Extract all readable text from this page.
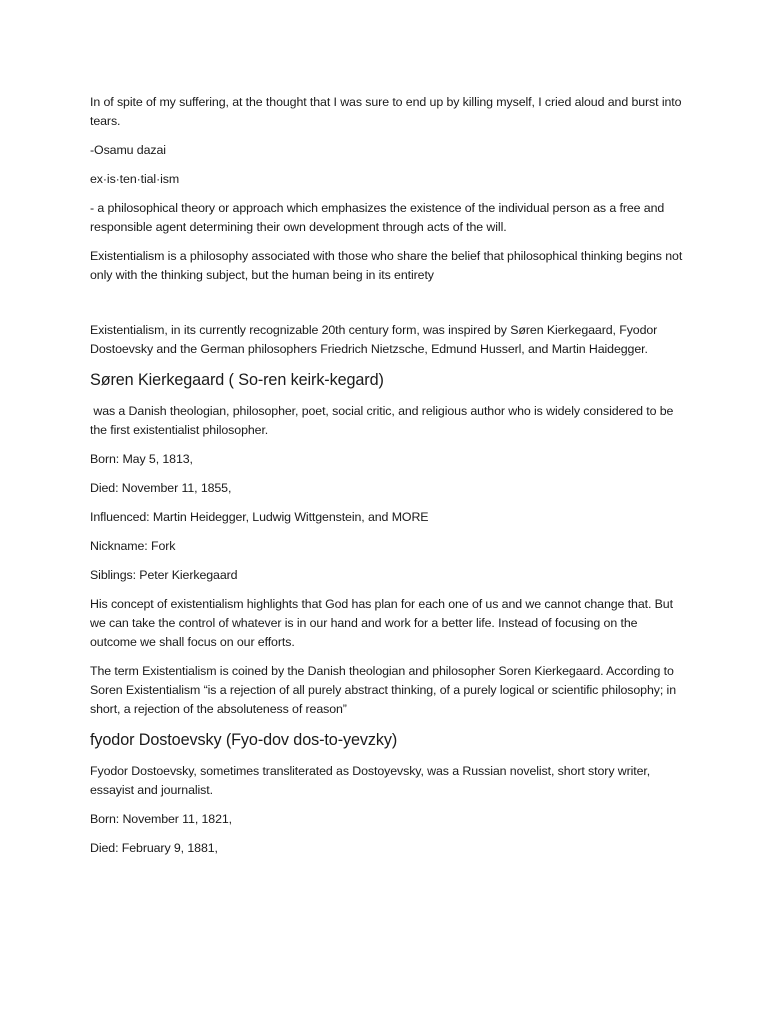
In of spite of my suffering, at the thought that I was sure to end up by killing myself, I cried aloud and burst into tears.

-Osamu dazai

ex·is·ten·tial·ism

- a philosophical theory or approach which emphasizes the existence of the individual person as a free and responsible agent determining their own development through acts of the will.

Existentialism is a philosophy associated with those who share the belief that philosophical thinking begins not only with the thinking subject, but the human being in its entirety

Existentialism, in its currently recognizable 20th century form, was inspired by Søren Kierkegaard, Fyodor Dostoevsky and the German philosophers Friedrich Nietzsche, Edmund Husserl, and Martin Haidegger.

Søren Kierkegaard ( So-ren keirk-kegard)

was a Danish theologian, philosopher, poet, social critic, and religious author who is widely considered to be the first existentialist philosopher.

Born: May 5, 1813,

Died: November 11, 1855,

Influenced: Martin Heidegger, Ludwig Wittgenstein, and MORE

Nickname: Fork

Siblings: Peter Kierkegaard

His concept of existentialism highlights that God has plan for each one of us and we cannot change that. But we can take the control of whatever is in our hand and work for a better life. Instead of focusing on the outcome we shall focus on our efforts.

The term Existentialism is coined by the Danish theologian and philosopher Soren Kierkegaard. According to Soren Existentialism “is a rejection of all purely abstract thinking, of a purely logical or scientific philosophy; in short, a rejection of the absoluteness of reason”

fyodor Dostoevsky (Fyo-dov dos-to-yevzky)

Fyodor Dostoevsky, sometimes transliterated as Dostoyevsky, was a Russian novelist, short story writer, essayist and journalist.

Born: November 11, 1821,

Died: February 9, 1881,
